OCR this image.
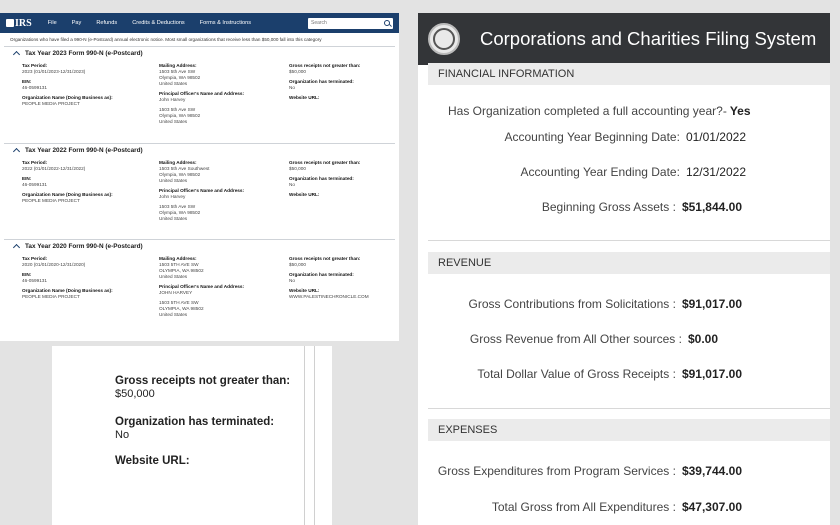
IRS	File	Pay	Refunds	Credits & Deductions	Forms & Instructions	Search
Organizations who have filed a 990-N (e-Postcard) annual electronic notice. Most small organizations that receive less than $50,000 fall into this category
Tax Year 2023 Form 990-N (e-Postcard)
Tax Period:
2023 (01/01/2023-12/31/2023)
EIN:
46-0599131
Organization Name (Doing Business as):
PEOPLE MEDIA PROJECT
Mailing Address:
1503 5th Ave SW
Olympia, WA 98502
United States
Principal Officer's Name and Address:
John Harvey
1503 5th Ave SW
Olympia, WA 98502
United States
Gross receipts not greater than:
$50,000
Organization has terminated:
No
Website URL:
Tax Year 2022 Form 990-N (e-Postcard)
Tax Period:
2022 (01/01/2022-12/31/2022)
EIN:
46-0599131
Organization Name (Doing Business as):
PEOPLE MEDIA PROJECT
Mailing Address:
1503 5th Ave Southwest
Olympia, WA 98502
United States
Principal Officer's Name and Address:
John Harvey
1503 5th Ave SW
Olympia, WA 98502
United States
Gross receipts not greater than:
$50,000
Organization has terminated:
No
Website URL:
Tax Year 2020 Form 990-N (e-Postcard)
Tax Period:
2020 (01/01/2020-12/31/2020)
EIN:
46-0599131
Organization Name (Doing Business as):
PEOPLE MEDIA PROJECT
Mailing Address:
1503 5TH AVE SW
OLYMPIA, WA 98502
United States
Principal Officer's Name and Address:
JOHN HARVEY
1503 5TH AVE SW
OLYMPIA, WA 98502
United States
Gross receipts not greater than:
$50,000
Organization has terminated:
No
Website URL:
WWW.PALESTINECHRONICLE.COM
Gross receipts not greater than:
$50,000
Organization has terminated:
No
Website URL:
Corporations and Charities Filing System
FINANCIAL INFORMATION
Has Organization completed a full accounting year?- Yes
Accounting Year Beginning Date: 01/01/2022
Accounting Year Ending Date: 12/31/2022
Beginning Gross Assets : $51,844.00
REVENUE
Gross Contributions from Solicitations : $91,017.00
Gross Revenue from All Other sources : $0.00
Total Dollar Value of Gross Receipts : $91,017.00
EXPENSES
Gross Expenditures from Program Services : $39,744.00
Total Gross from All Expenditures : $47,307.00
